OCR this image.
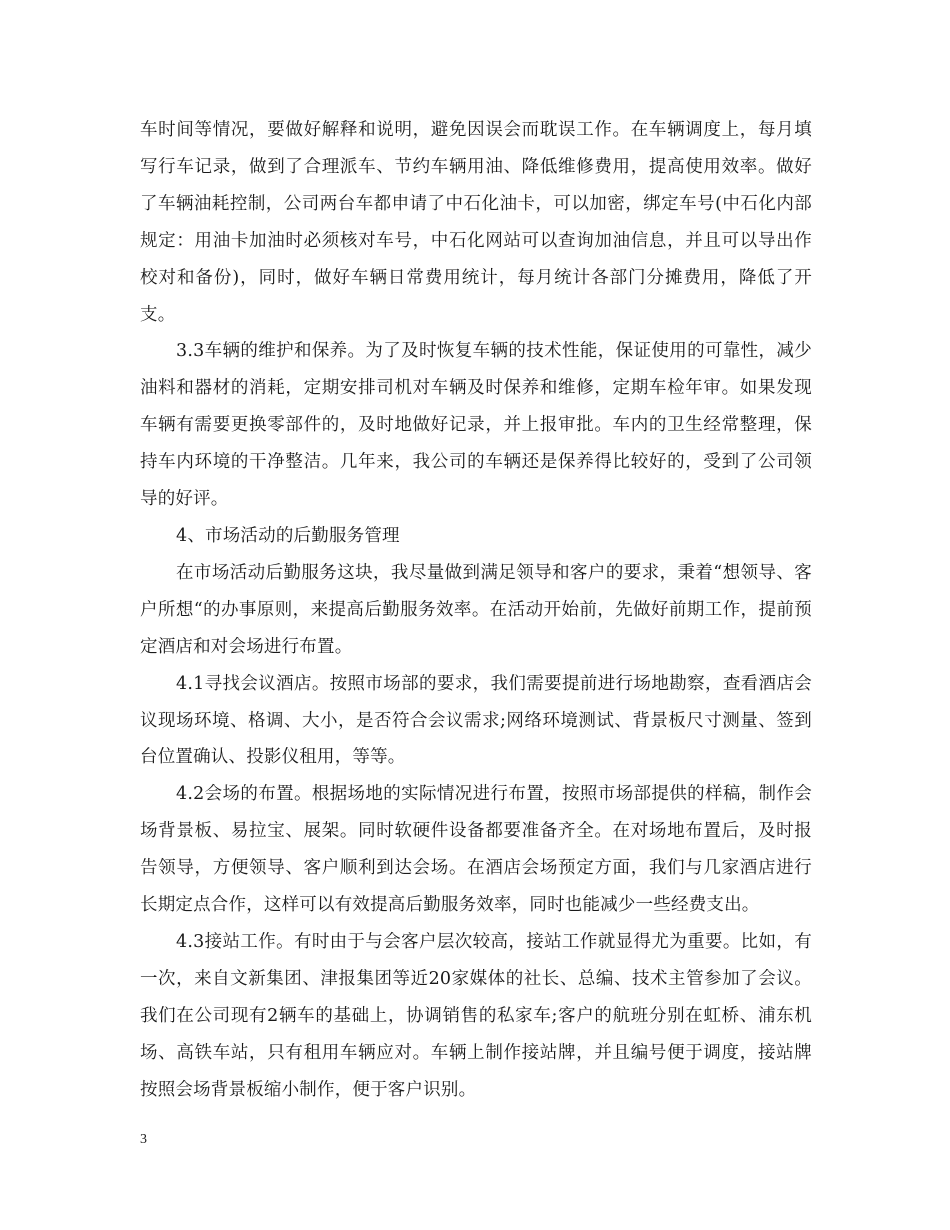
车时间等情况，要做好解释和说明，避免因误会而耽误工作。在车辆调度上，每月填写行车记录，做到了合理派车、节约车辆用油、降低维修费用，提高使用效率。做好了车辆油耗控制，公司两台车都申请了中石化油卡，可以加密，绑定车号(中石化内部规定：用油卡加油时必须核对车号，中石化网站可以查询加油信息，并且可以导出作校对和备份)，同时，做好车辆日常费用统计，每月统计各部门分摊费用，降低了开支。

3.3车辆的维护和保养。为了及时恢复车辆的技术性能，保证使用的可靠性，减少油料和器材的消耗，定期安排司机对车辆及时保养和维修，定期车检年审。如果发现车辆有需要更换零部件的，及时地做好记录，并上报审批。车内的卫生经常整理，保持车内环境的干净整洁。几年来，我公司的车辆还是保养得比较好的，受到了公司领导的好评。

4、市场活动的后勤服务管理

在市场活动后勤服务这块，我尽量做到满足领导和客户的要求，秉着“想领导、客户所想“的办事原则，来提高后勤服务效率。在活动开始前，先做好前期工作，提前预定酒店和对会场进行布置。

4.1寻找会议酒店。按照市场部的要求，我们需要提前进行场地勘察，查看酒店会议现场环境、格调、大小，是否符合会议需求;网络环境测试、背景板尺寸测量、签到台位置确认、投影仪租用，等等。

4.2会场的布置。根据场地的实际情况进行布置，按照市场部提供的样稿，制作会场背景板、易拉宝、展架。同时软硬件设备都要准备齐全。在对场地布置后，及时报告领导，方便领导、客户顺利到达会场。在酒店会场预定方面，我们与几家酒店进行长期定点合作，这样可以有效提高后勤服务效率，同时也能减少一些经费支出。

4.3接站工作。有时由于与会客户层次较高，接站工作就显得尤为重要。比如，有一次，来自文新集团、津报集团等近20家媒体的社长、总编、技术主管参加了会议。我们在公司现有2辆车的基础上，协调销售的私家车;客户的航班分别在虹桥、浦东机场、高铁车站，只有租用车辆应对。车辆上制作接站牌，并且编号便于调度，接站牌按照会场背景板缩小制作，便于客户识别。

3
